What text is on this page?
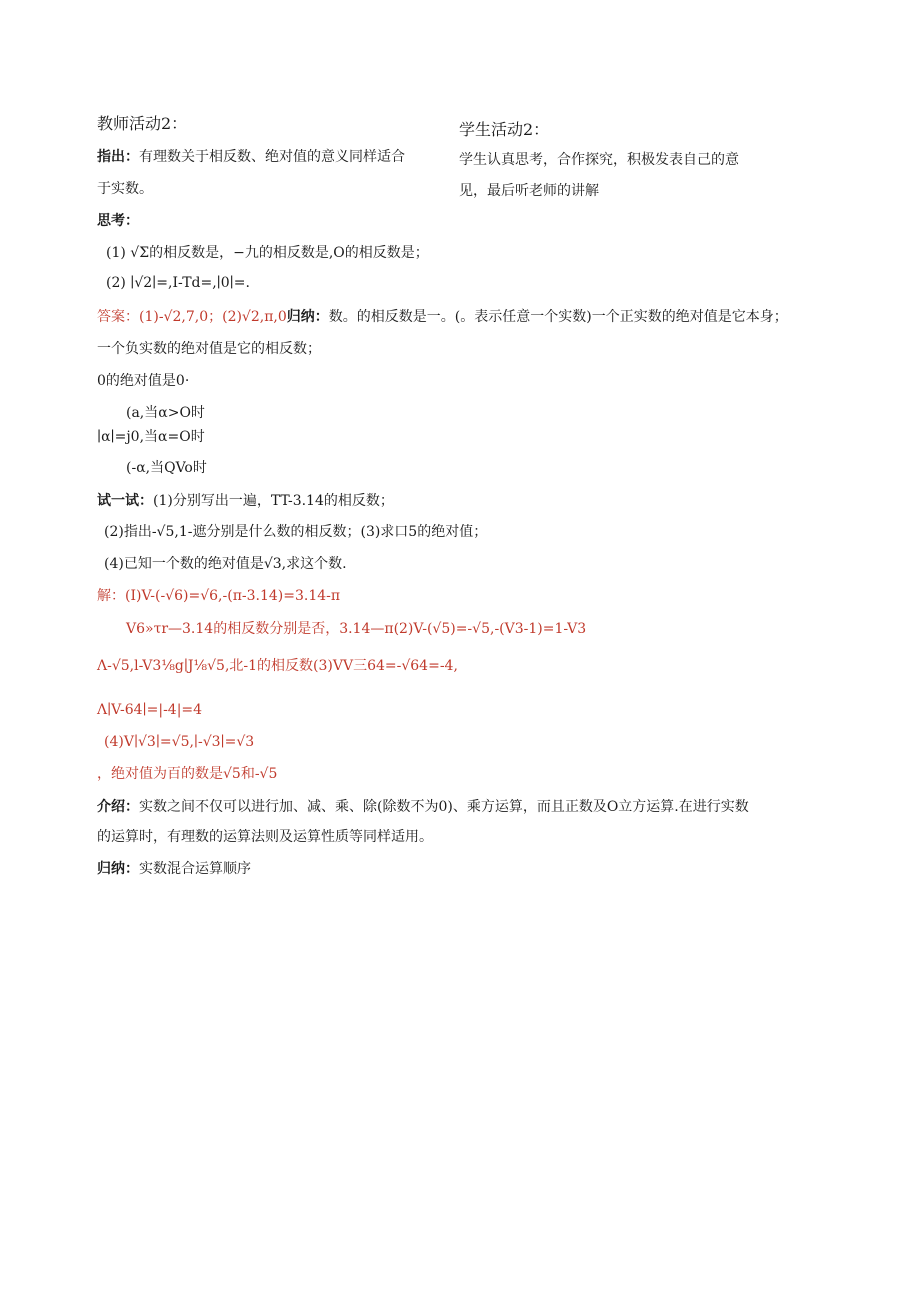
教师活动2：	学生活动2：
指出：有理数关于相反数、绝对值的意义同样适合	学生认真思考，合作探究，积极发表自己的意
于实数。	见，最后听老师的讲解
思考：
(1) √Σ的相反数是，−九的相反数是,O的相反数是；
(2) ∣√2∣=,I-Td=,∣0∣=.
答案：(1)-√2,7,0；(2)√2,π,0归纳：数。的相反数是一。(。表示任意一个实数)一个正实数的绝对值是它本身；
一个负实数的绝对值是它的相反数；
0的绝对值是0·
(a,当α>O时
∣α∣=j0,当α=O时
(-α,当QVo时
试一试：(1)分别写出一遍，TT-3.14的相反数；
(2)指出-√5,1-遮分别是什么数的相反数；(3)求口5的绝对值；
(4)已知一个数的绝对值是√3,求这个数.
解：(I)V-(-√6)=√6,-(π-3.14)=3.14-π
V6»τr—3.14的相反数分别是否，3.14—π(2)V-(√5)=-√5,-(V3-1)=1-V3
Λ-√5,l-V3⅛g∣J⅛√5,北-1的相反数(3)VV三64=-√64=-4,
Λ∣V-64∣=|-4|=4
(4)V∣√3∣=√5,∣-√3∣=√3
，绝对值为百的数是√5和-√5
介绍：实数之间不仅可以进行加、减、乘、除(除数不为0)、乘方运算，而且正数及O立方运算.在进行实数
的运算时，有理数的运算法则及运算性质等同样适用。
归纳：实数混合运算顺序
